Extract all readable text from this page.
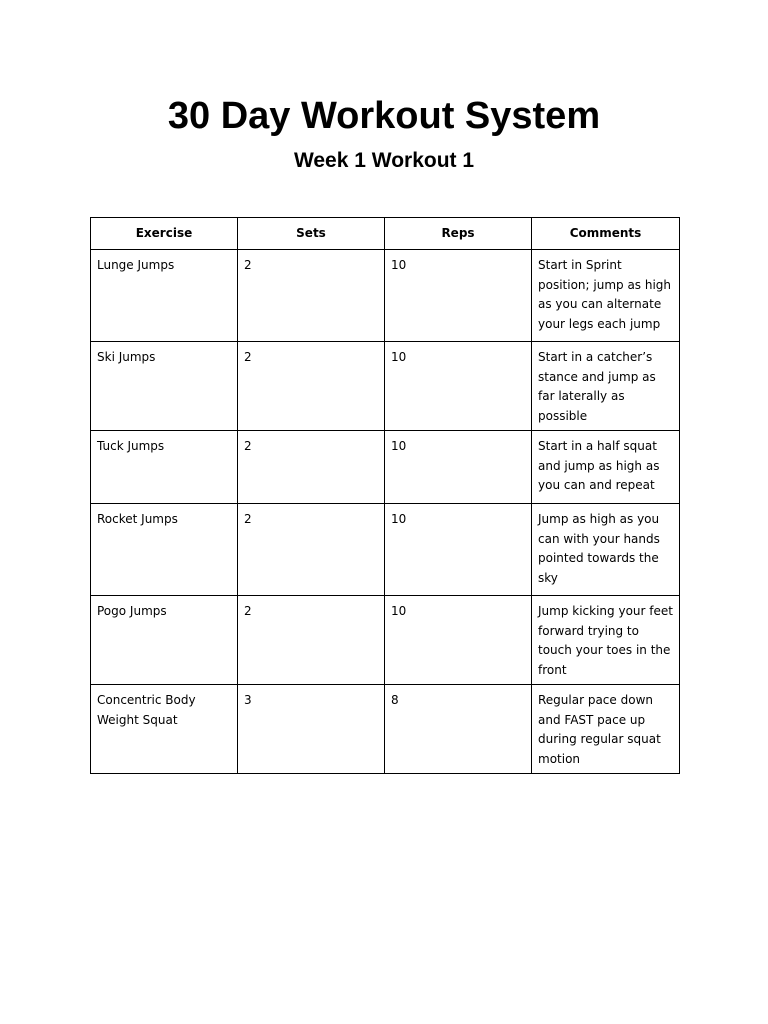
30 Day Workout System
Week 1 Workout 1
Exercise	Sets	Reps	Comments
Lunge Jumps	2	10	Start in Sprint position; jump as high as you can alternate your legs each jump
Ski Jumps	2	10	Start in a catcher’s stance and jump as far laterally as possible
Tuck Jumps	2	10	Start in a half squat and jump as high as you can and repeat
Rocket Jumps	2	10	Jump as high as you can with your hands pointed towards the sky
Pogo Jumps	2	10	Jump kicking your feet forward trying to touch your toes in the front
Concentric Body Weight Squat	3	8	Regular pace down and FAST pace up during regular squat motion
